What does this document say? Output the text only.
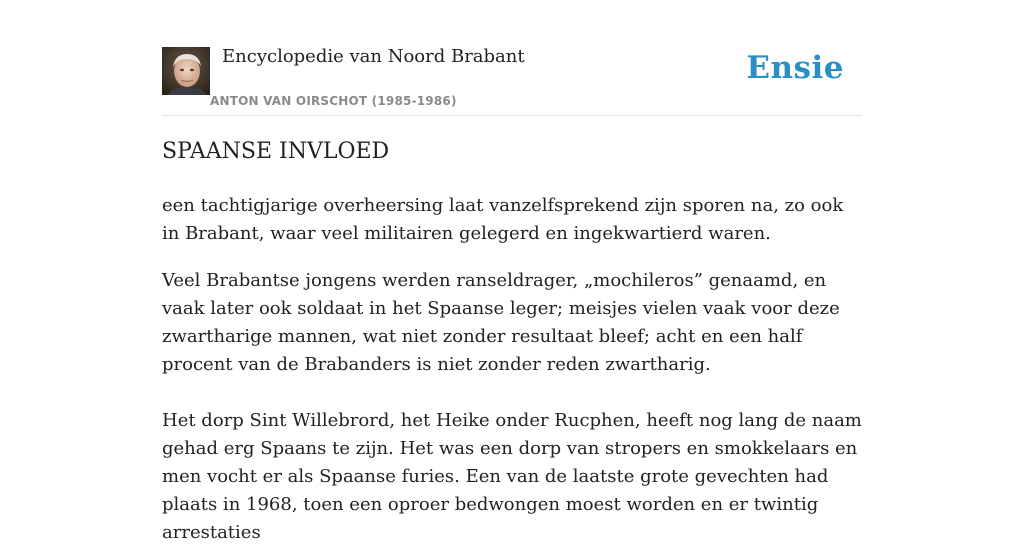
Encyclopedie van Noord Brabant
ANTON VAN OIRSCHOT (1985-1986)
Ensie
SPAANSE INVLOED

een tachtigjarige overheersing laat vanzelfsprekend zijn sporen na, zo ook in Brabant, waar veel militairen gelegerd en ingekwartierd waren.

Veel Brabantse jongens werden ranseldrager, „mochileros” genaamd, en vaak later ook soldaat in het Spaanse leger; meisjes vielen vaak voor deze zwartharige mannen, wat niet zonder resultaat bleef; acht en een half procent van de Brabanders is niet zonder reden zwartharig.

Het dorp Sint Willebrord, het Heike onder Rucphen, heeft nog lang de naam gehad erg Spaans te zijn. Het was een dorp van stropers en smokkelaars en men vocht er als Spaanse furies. Een van de laatste grote gevechten had plaats in 1968, toen een oproer bedwongen moest worden en er twintig arrestaties
